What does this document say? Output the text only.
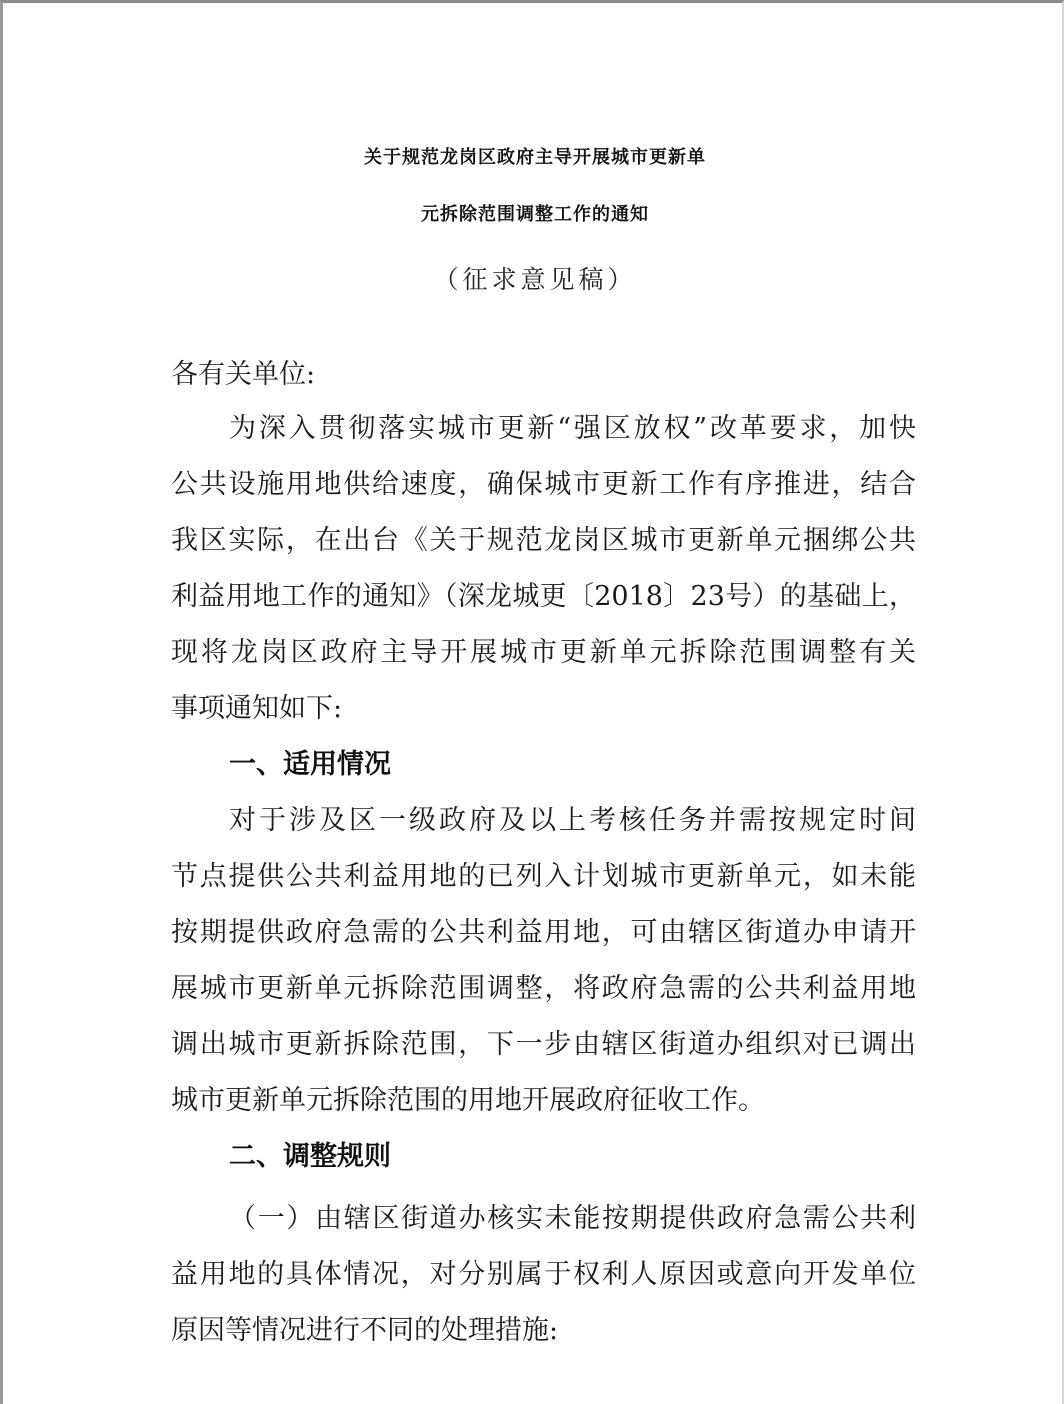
关于规范龙岗区政府主导开展城市更新单
元拆除范围调整工作的通知
（征求意见稿）
各有关单位:
为深入贯彻落实城市更新“强区放权”改革要求，加快
公共设施用地供给速度，确保城市更新工作有序推进，结合
我区实际，在出台《关于规范龙岗区城市更新单元捆绑公共
利益用地工作的通知》（深龙城更〔2018〕23号）的基础上，
现将龙岗区政府主导开展城市更新单元拆除范围调整有关
事项通知如下:
一、适用情况
对于涉及区一级政府及以上考核任务并需按规定时间
节点提供公共利益用地的已列入计划城市更新单元，如未能
按期提供政府急需的公共利益用地，可由辖区街道办申请开
展城市更新单元拆除范围调整，将政府急需的公共利益用地
调出城市更新拆除范围，下一步由辖区街道办组织对已调出
城市更新单元拆除范围的用地开展政府征收工作。
二、调整规则
（一）由辖区街道办核实未能按期提供政府急需公共利
益用地的具体情况，对分别属于权利人原因或意向开发单位
原因等情况进行不同的处理措施:
